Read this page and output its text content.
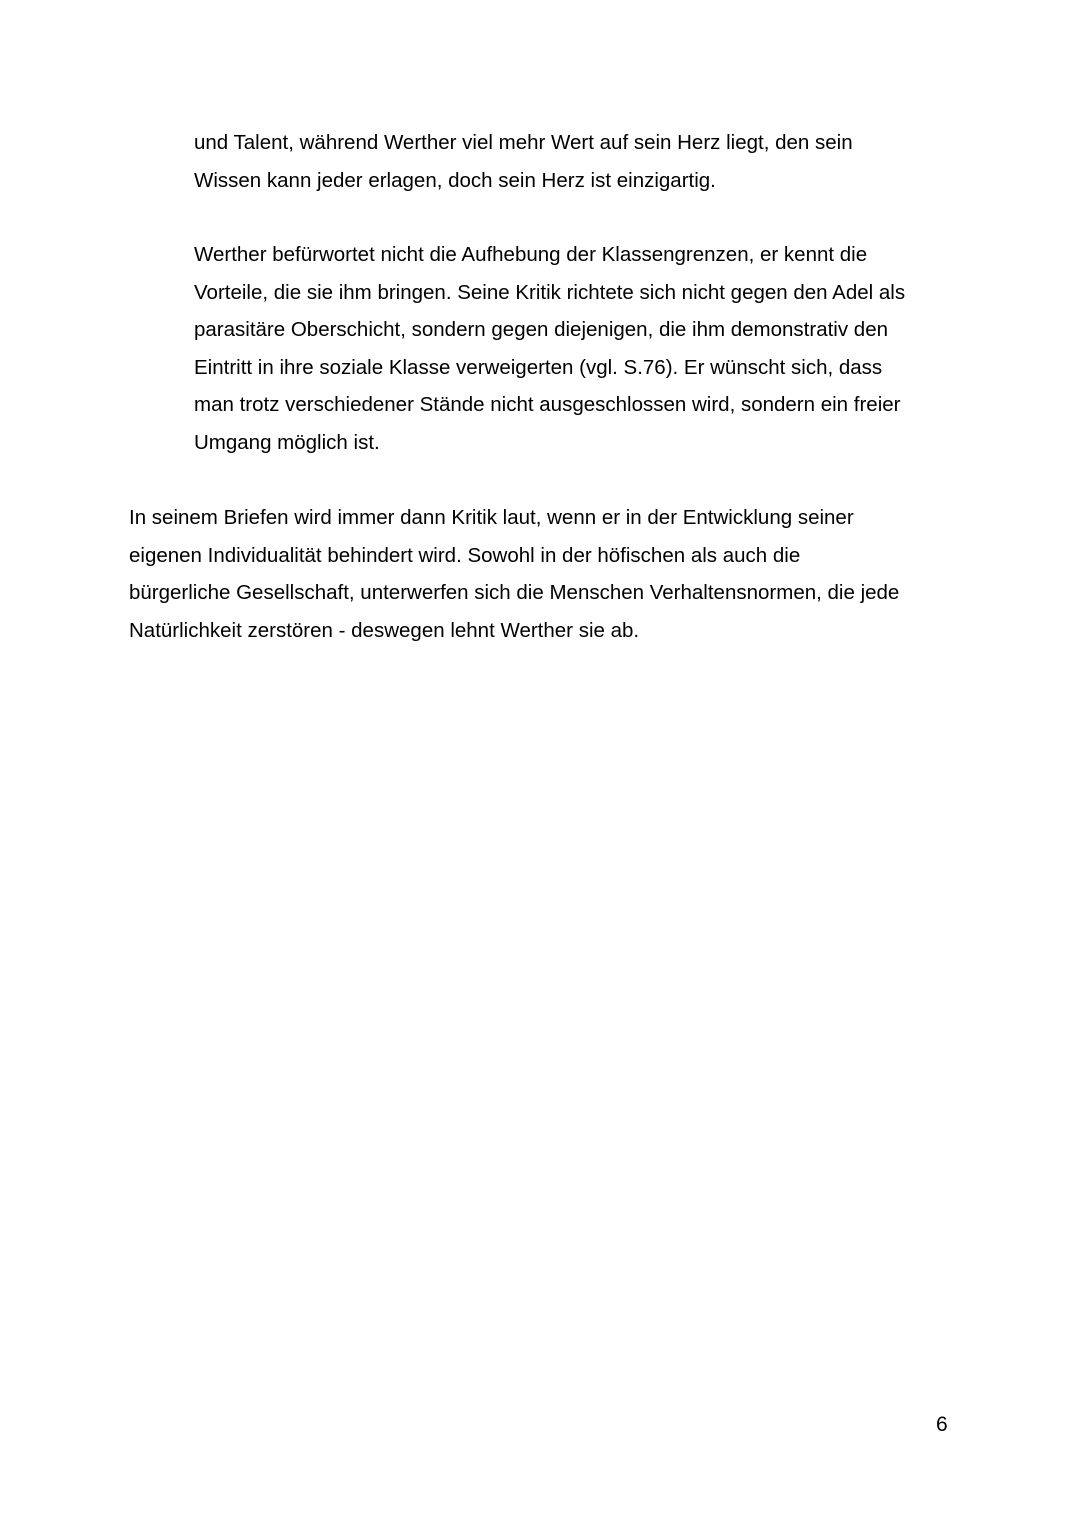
und Talent, während Werther viel mehr Wert auf sein Herz liegt, den sein
Wissen kann jeder erlagen, doch sein Herz ist einzigartig.

Werther befürwortet nicht die Aufhebung der Klassengrenzen, er kennt die
Vorteile, die sie ihm bringen. Seine Kritik richtete sich nicht gegen den Adel als
parasitäre Oberschicht, sondern gegen diejenigen, die ihm demonstrativ den
Eintritt in ihre soziale Klasse verweigerten (vgl. S.76). Er wünscht sich, dass
man trotz verschiedener Stände nicht ausgeschlossen wird, sondern ein freier
Umgang möglich ist.

In seinem Briefen wird immer dann Kritik laut, wenn er in der Entwicklung seiner
eigenen Individualität behindert wird. Sowohl in der höfischen als auch die
bürgerliche Gesellschaft, unterwerfen sich die Menschen Verhaltensnormen, die jede
Natürlichkeit zerstören - deswegen lehnt Werther sie ab.

6
